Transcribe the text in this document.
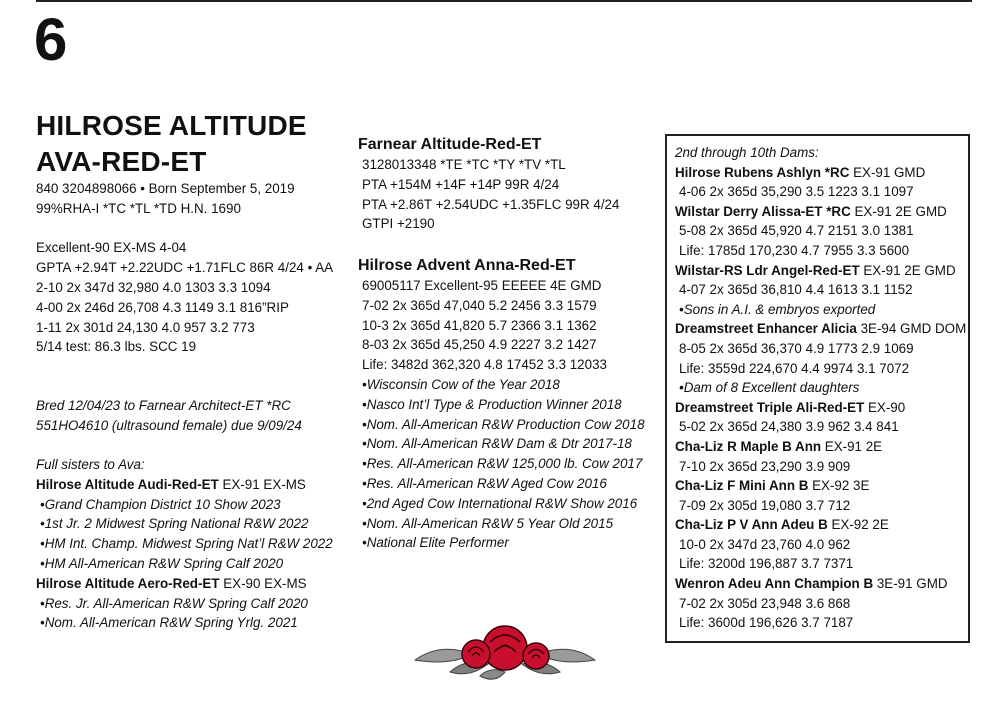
6
HILROSE ALTITUDE
AVA-RED-ET
840 3204898066 • Born September 5, 2019
99%RHA-I *TC *TL *TD H.N. 1690
Excellent-90 EX-MS 4-04
GPTA +2.94T +2.22UDC +1.71FLC 86R 4/24 • AA
2-10 2x 347d 32,980 4.0 1303 3.3 1094
4-00 2x 246d 26,708 4.3 1149 3.1 816”RIP
1-11 2x 301d 24,130 4.0 957 3.2 773
5/14 test: 86.3 lbs. SCC 19
Bred 12/04/23 to Farnear Architect-ET *RC
551HO4610 (ultrasound female) due 9/09/24
Full sisters to Ava:
Hilrose Altitude Audi-Red-ET EX-91 EX-MS
•Grand Champion District 10 Show 2023
•1st Jr. 2 Midwest Spring National R&W 2022
•HM Int. Champ. Midwest Spring Nat’l R&W 2022
•HM All-American R&W Spring Calf 2020
Hilrose Altitude Aero-Red-ET EX-90 EX-MS
•Res. Jr. All-American R&W Spring Calf 2020
•Nom. All-American R&W Spring Yrlg. 2021
Farnear Altitude-Red-ET
3128013348 *TE *TC *TY *TV *TL
PTA +154M +14F +14P 99R 4/24
PTA +2.86T +2.54UDC +1.35FLC 99R 4/24
GTPI +2190
Hilrose Advent Anna-Red-ET
69005117 Excellent-95 EEEEE 4E GMD
7-02 2x 365d 47,040 5.2 2456 3.3 1579
10-3 2x 365d 41,820 5.7 2366 3.1 1362
8-03 2x 365d 45,250 4.9 2227 3.2 1427
Life: 3482d 362,320 4.8 17452 3.3 12033
•Wisconsin Cow of the Year 2018
•Nasco Int’l Type & Production Winner 2018
•Nom. All-American R&W Production Cow 2018
•Nom. All-American R&W Dam & Dtr 2017-18
•Res. All-American R&W 125,000 lb. Cow 2017
•Res. All-American R&W Aged Cow 2016
•2nd Aged Cow International R&W Show 2016
•Nom. All-American R&W 5 Year Old 2015
•National Elite Performer
2nd through 10th Dams:
Hilrose Rubens Ashlyn *RC EX-91 GMD
4-06 2x 365d 35,290 3.5 1223 3.1 1097
Wilstar Derry Alissa-ET *RC EX-91 2E GMD
5-08 2x 365d 45,920 4.7 2151 3.0 1381
Life: 1785d 170,230 4.7 7955 3.3 5600
Wilstar-RS Ldr Angel-Red-ET EX-91 2E GMD
4-07 2x 365d 36,810 4.4 1613 3.1 1152
•Sons in A.I. & embryos exported
Dreamstreet Enhancer Alicia 3E-94 GMD DOM
8-05 2x 365d 36,370 4.9 1773 2.9 1069
Life: 3559d 224,670 4.4 9974 3.1 7072
•Dam of 8 Excellent daughters
Dreamstreet Triple Ali-Red-ET EX-90
5-02 2x 365d 24,380 3.9 962 3.4 841
Cha-Liz R Maple B Ann EX-91 2E
7-10 2x 365d 23,290 3.9 909
Cha-Liz F Mini Ann B EX-92 3E
7-09 2x 305d 19,080 3.7 712
Cha-Liz P V Ann Adeu B EX-92 2E
10-0 2x 347d 23,760 4.0 962
Life: 3200d 196,887 3.7 7371
Wenron Adeu Ann Champion B 3E-91 GMD
7-02 2x 305d 23,948 3.6 868
Life: 3600d 196,626 3.7 7187
